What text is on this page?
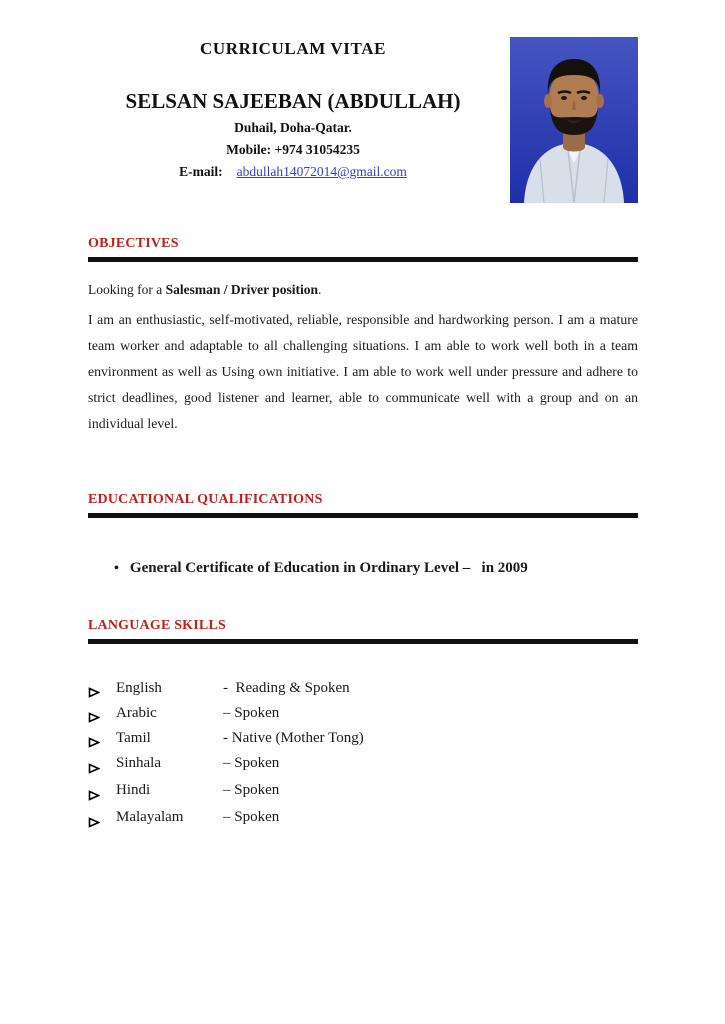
CURRICULAM VITAE
SELSAN SAJEEBAN (ABDULLAH)
Duhail, Doha-Qatar.
Mobile: +974 31054235
E-mail: abdullah14072014@gmail.com
OBJECTIVES

Looking for a Salesman / Driver position.

I am an enthusiastic, self-motivated, reliable, responsible and hardworking person. I am a mature team worker and adaptable to all challenging situations. I am able to work well both in a team environment as well as Using own initiative. I am able to work well under pressure and adhere to strict deadlines, good listener and learner, able to communicate well with a group and on an individual level.

EDUCATIONAL QUALIFICATIONS
• General Certificate of Education in Ordinary Level –   in 2009
LANGUAGE SKILLS
English	-  Reading & Spoken
Arabic	– Spoken
Tamil	- Native (Mother Tong)
Sinhala	– Spoken
Hindi	– Spoken
Malayalam	– Spoken
